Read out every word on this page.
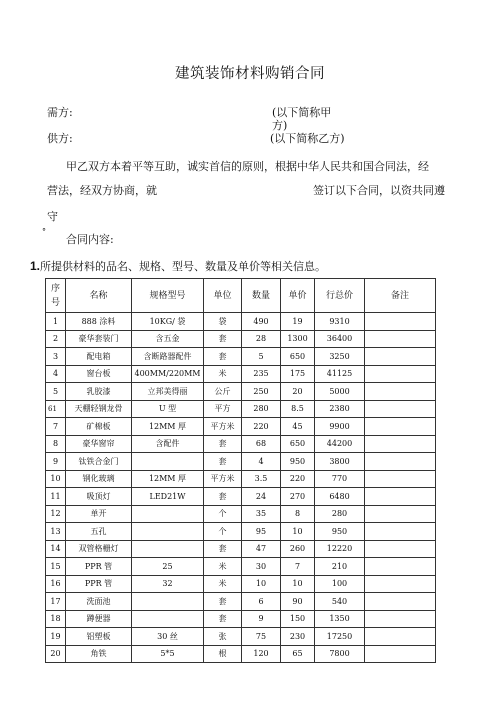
建筑装饰材料购销合同
需方:	(以下简称甲
方)
供方:	(以下简称乙方)
甲乙双方本着平等互助，诚实首信的原则，根据中华人民共和国合同法，经
营法，经双方协商，就	签订以下合同，以资共同遵
守
°
合同内容:
1.所提供材料的品名、规格、型号、数量及单价等相关信息。
序
号	名称	规格型号	单位	数量	单价	行总价	备注
1	888 涂料	10KG/ 袋	袋	490	19	9310	
2	豪华套装门	含五金	套	28	1300	36400	
3	配电箱	含断路器配件	套	5	650	3250	
4	窗台板	400MM/220MM	米	235	175	41125	
5	乳胶漆	立邦美得丽	公斤	250	20	5000	
61	天棚轻钢龙骨	U 型	平方	280	8.5	2380	
7	矿棉板	12MM 厚	平方米	220	45	9900	
8	豪华窗帘	含配件	套	68	650	44200	
9	钛铁合金门		套	4	950	3800	
10	钢化玻璃	12MM 厚	平方米	3.5	220	770	
11	吸顶灯	LED21W	套	24	270	6480	
12	单开		个	35	8	280	
13	五孔		个	95	10	950	
14	双管格栅灯		套	47	260	12220	
15	PPR 管	25	米	30	7	210	
16	PPR 管	32	米	10	10	100	
17	洗面池		套	6	90	540	
18	蹲便器		套	9	150	1350	
19	铝塑板	30 丝	张	75	230	17250	
20	角铁	5*5	根	120	65	7800	
